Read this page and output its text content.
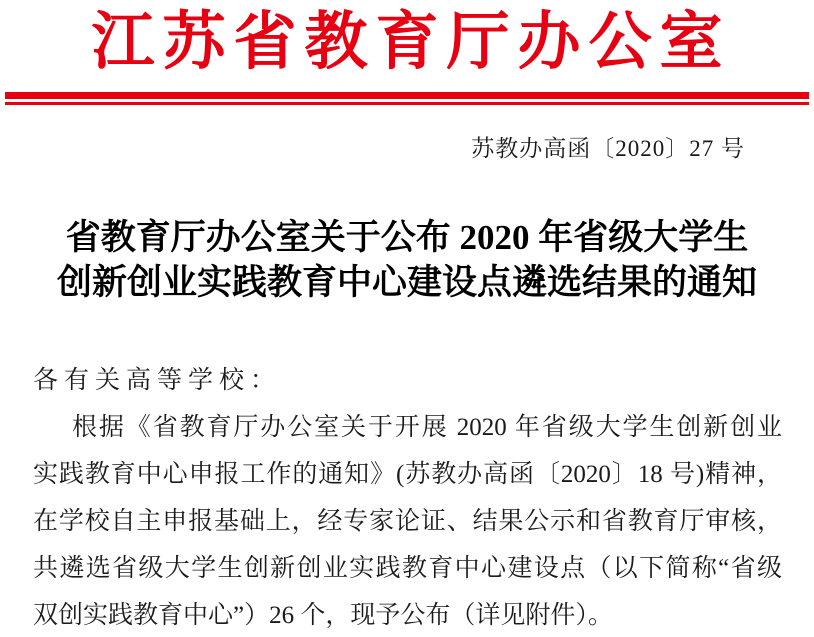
江苏省教育厅办公室
苏教办高函〔2020〕27 号
省教育厅办公室关于公布 2020 年省级大学生
创新创业实践教育中心建设点遴选结果的通知
各有关高等学校：
根据《省教育厅办公室关于开展 2020 年省级大学生创新创业
实践教育中心申报工作的通知》(苏教办高函〔2020〕18 号)精神，
在学校自主申报基础上，经专家论证、结果公示和省教育厅审核，
共遴选省级大学生创新创业实践教育中心建设点（以下简称“省级
双创实践教育中心”）26 个，现予公布（详见附件）。
